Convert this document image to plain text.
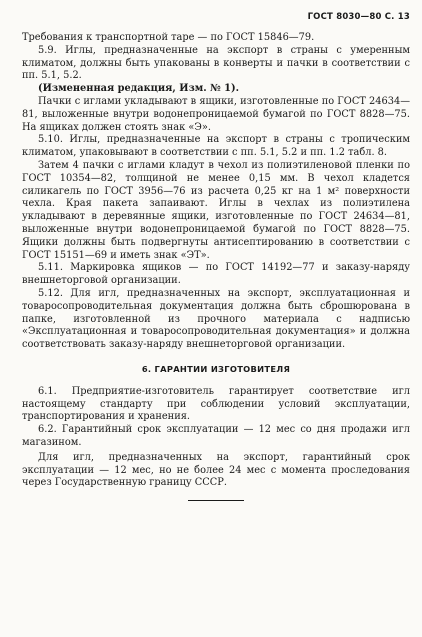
ГОСТ 8030—80 С. 13

Требования к транспортной таре — по ГОСТ 15846—79.

5.9. Иглы, предназначенные на экспорт в страны с умеренным климатом, должны быть упакованы в конверты и пачки в соответствии с пп. 5.1, 5.2.

(Измененная редакция, Изм. № 1).

Пачки с иглами укладывают в ящики, изготовленные по ГОСТ 24634—81, выложенные внутри водонепроницаемой бумагой по ГОСТ 8828—75. На ящиках должен стоять знак «Э».

5.10. Иглы, предназначенные на экспорт в страны с тропическим климатом, упаковывают в соответствии с пп. 5.1, 5.2 и пп. 1.2 табл. 8.

Затем 4 пачки с иглами кладут в чехол из полиэтиленовой пленки по ГОСТ 10354—82, толщиной не менее 0,15 мм. В чехол кладется силикагель по ГОСТ 3956—76 из расчета 0,25 кг на 1 м² поверхности чехла. Края пакета запаивают. Иглы в чехлах из полиэтилена укладывают в деревянные ящики, изготовленные по ГОСТ 24634—81, выложенные внутри водонепроницаемой бумагой по ГОСТ 8828—75. Ящики должны быть подвергнуты антисептированию в соответствии с ГОСТ 15151—69 и иметь знак «ЭТ».

5.11. Маркировка ящиков — по ГОСТ 14192—77 и заказу-наряду внешнеторговой организации.

5.12. Для игл, предназначенных на экспорт, эксплуатационная и товаросопроводительная документация должна быть сброшюрована в папке, изготовленной из прочного материала с надписью «Эксплуатационная и товаросопроводительная документация» и должна соответствовать заказу-наряду внешнеторговой организации.

6. ГАРАНТИИ ИЗГОТОВИТЕЛЯ

6.1. Предприятие-изготовитель гарантирует соответствие игл настоящему стандарту при соблюдении условий эксплуатации, транспортирования и хранения.

6.2. Гарантийный срок эксплуатации — 12 мес со дня продажи игл магазином.

Для игл, предназначенных на экспорт, гарантийный срок эксплуатации — 12 мес, но не более 24 мес с момента проследования через Государственную границу СССР.
